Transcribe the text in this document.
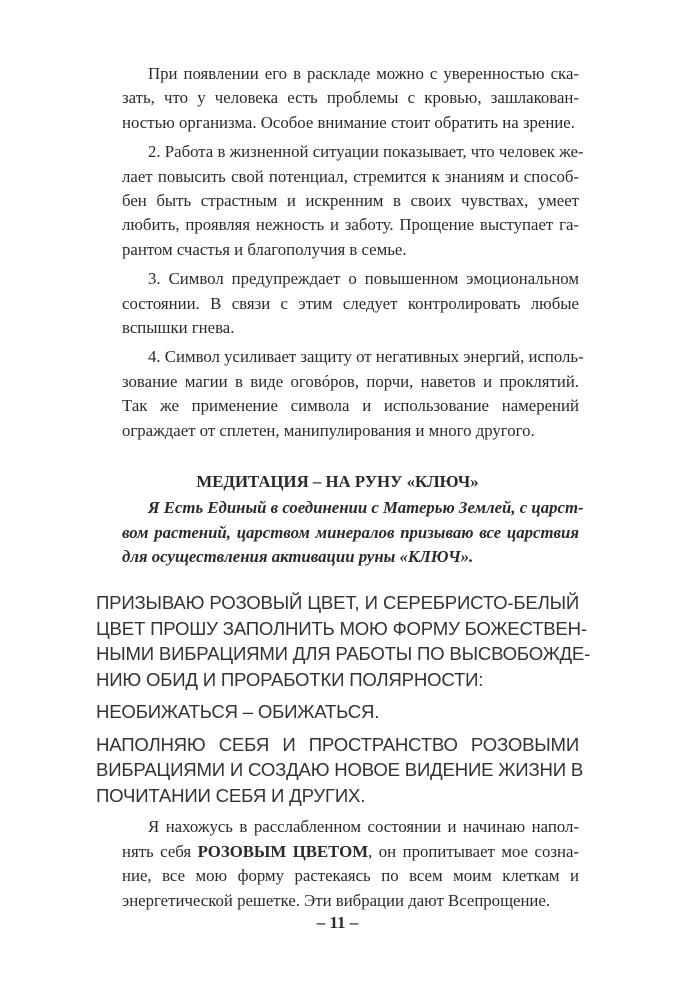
При появлении его в раскладе можно с уверенностью ска-
зать, что у человека есть проблемы с кровью, зашлакован-
ностью организма. Особое внимание стоит обратить на зрение.

2. Работа в жизненной ситуации показывает, что человек же-
лает повысить свой потенциал, стремится к знаниям и способ-
бен быть страстным и искренним в своих чувствах, умеет
любить, проявляя нежность и заботу. Прощение выступает га-
рантом счастья и благополучия в семье.

3. Символ предупреждает о повышенном эмоциональном
состоянии. В связи с этим следует контролировать любые
вспышки гнева.

4. Символ усиливает защиту от негативных энергий, исполь-
зование магии в виде оговóров, порчи, наветов и проклятий.
Так же применение символа и использование намерений
ограждает от сплетен, манипулирования и много другого.

МЕДИТАЦИЯ – НА РУНУ «КЛЮЧ»

Я Есть Единый в соединении с Матерью Землей, с царст-
вом растений, царством минералов призываю все царствия
для осуществления активации руны «КЛЮЧ».

ПРИЗЫВАЮ РОЗОВЫЙ ЦВЕТ, И СЕРЕБРИСТО-БЕЛЫЙ
ЦВЕТ ПРОШУ ЗАПОЛНИТЬ МОЮ ФОРМУ БОЖЕСТВЕН-
НЫМИ ВИБРАЦИЯМИ ДЛЯ РАБОТЫ ПО ВЫСВОБОЖДЕ-
НИЮ ОБИД И ПРОРАБОТКИ ПОЛЯРНОСТИ:

НЕОБИЖАТЬСЯ – ОБИЖАТЬСЯ.

НАПОЛНЯЮ СЕБЯ И ПРОСТРАНСТВО РОЗОВЫМИ
ВИБРАЦИЯМИ И СОЗДАЮ НОВОЕ ВИДЕНИЕ ЖИЗНИ В
ПОЧИТАНИИ СЕБЯ И ДРУГИХ.

Я нахожусь в расслабленном состоянии и начинаю напол-
нять себя РОЗОВЫМ ЦВЕТОМ, он пропитывает мое созна-
ние, все мою форму растекаясь по всем моим клеткам и
энергетической решетке. Эти вибрации дают Всепрощение.

– 11 –
